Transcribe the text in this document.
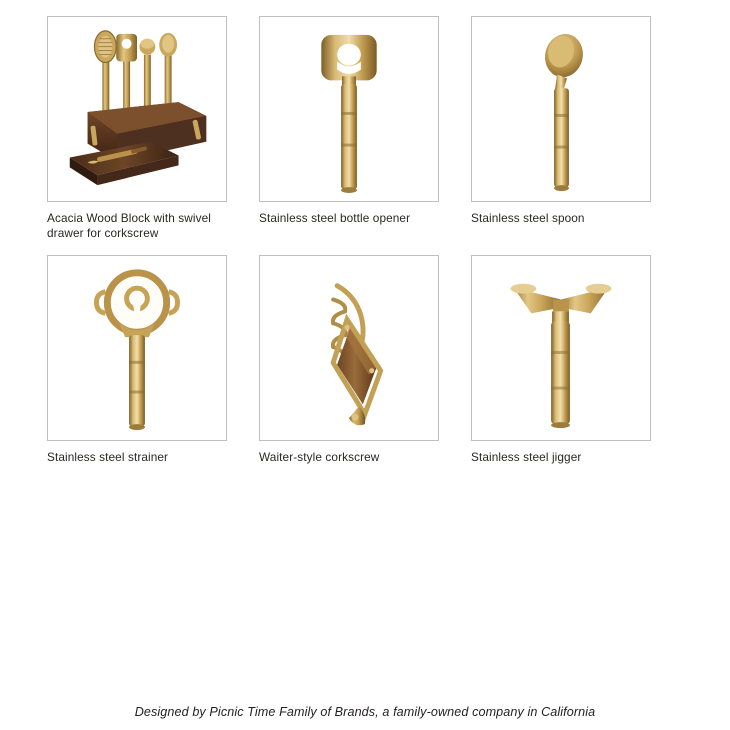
Acacia Wood Block with swivel drawer for corkscrew
Stainless steel bottle opener	Stainless steel spoon
Stainless steel strainer	Waiter-style corkscrew	Stainless steel jigger
Designed by Picnic Time Family of Brands, a family-owned company in California
